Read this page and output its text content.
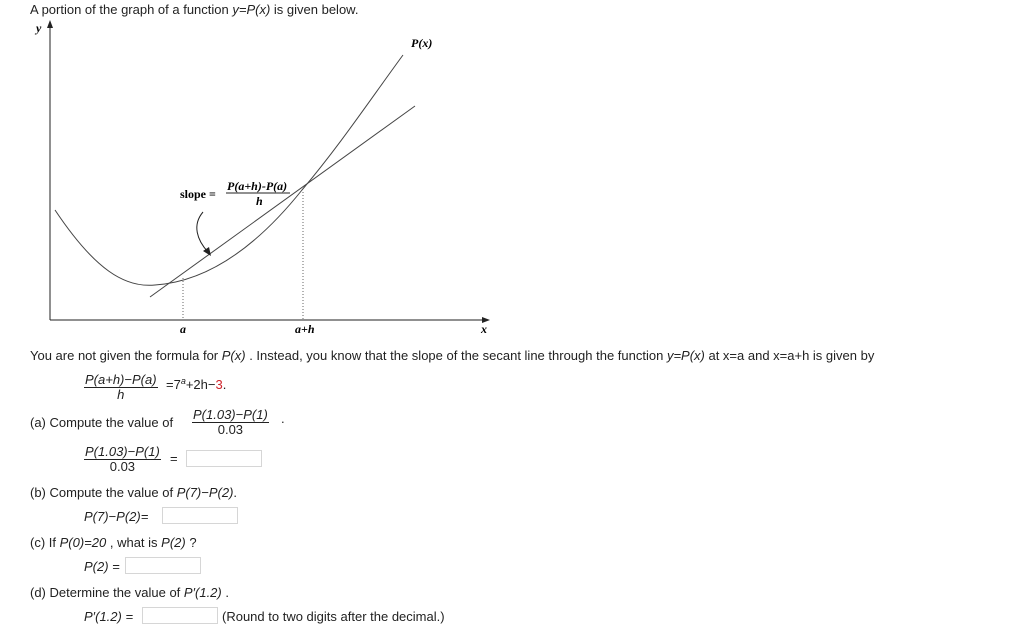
A portion of the graph of a function y=P(x) is given below.
y
x
P(x)
slope =
P(a+h)-P(a)
h
a	a+h
You are not given the formula for P(x) . Instead, you know that the slope of the secant line through the function y=P(x) at x=a and x=a+h is given by
$\frac{P(a+h)-P(a)}{h} =7^a+2h-3$.
(a) Compute the value of $\frac{P(1.03)-P(1)}{0.03}$ .
$\frac{P(1.03)-P(1)}{0.03}$ =
(b) Compute the value of P(7)−P(2).
P(7)−P(2)=
(c) If P(0)=20 , what is P(2) ?
P(2) =
(d) Determine the value of P′(1.2) .
P′(1.2) =	(Round to two digits after the decimal.)
